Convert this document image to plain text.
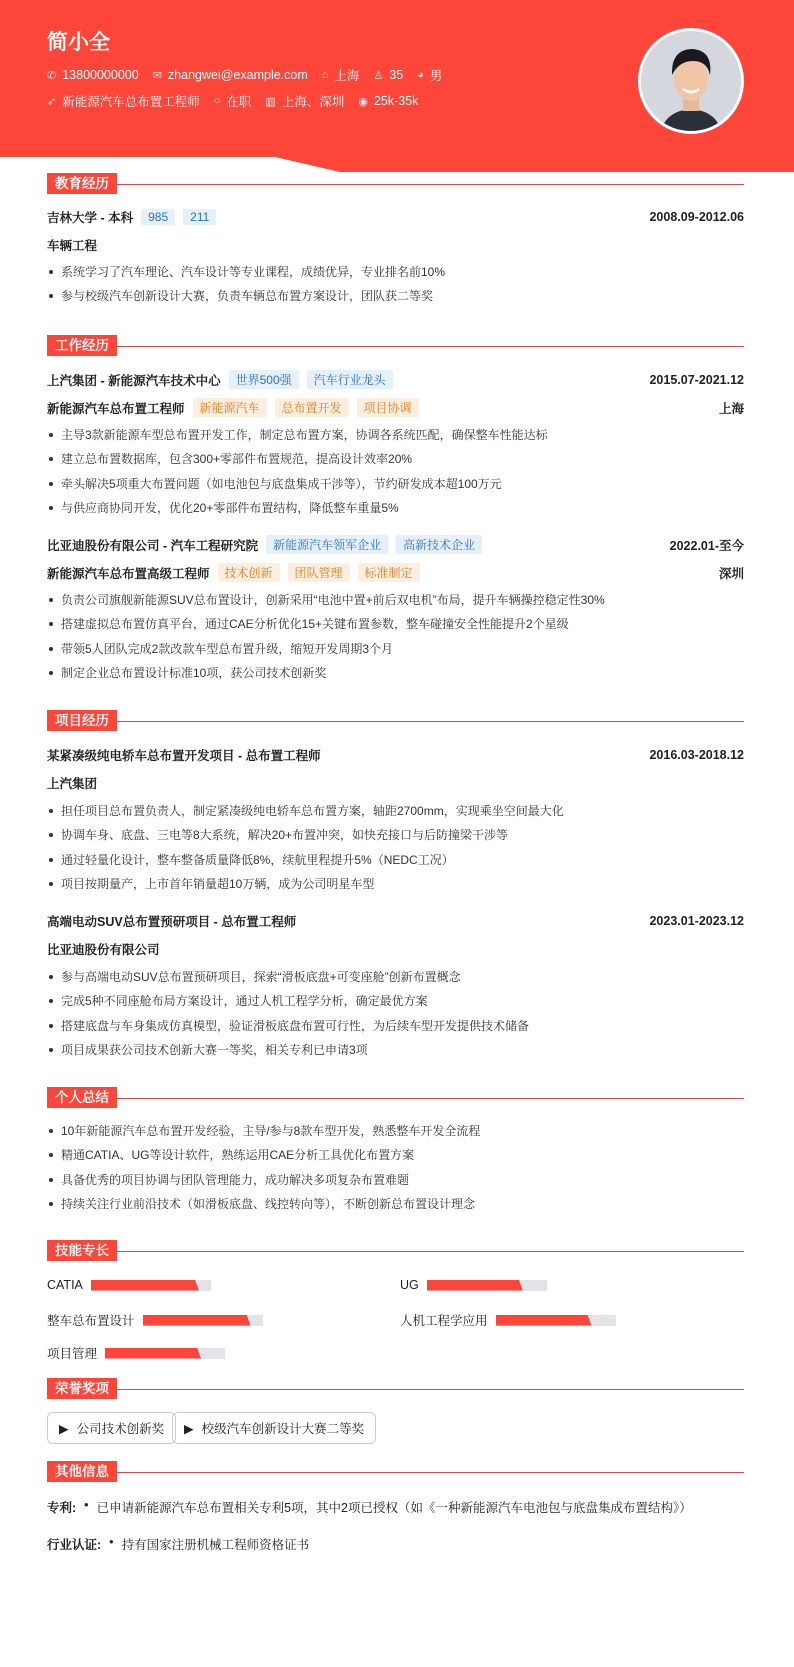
简小全
✆ 13800000000 ✉ zhangwei@example.com ⌂ 上海 ♙ 35 ◕ 男
➶ 新能源汽车总布置工程师 ○ 在职 ▥ 上海、深圳 ◉ 25k-35k
教育经历
吉林大学 - 本科	985	211	2008.09-2012.06
车辆工程
系统学习了汽车理论、汽车设计等专业课程，成绩优异，专业排名前10%
参与校级汽车创新设计大赛，负责车辆总布置方案设计，团队获二等奖
工作经历
上汽集团 - 新能源汽车技术中心	世界500强	汽车行业龙头	2015.07-2021.12
新能源汽车总布置工程师	新能源汽车	总布置开发	项目协调	上海
主导3款新能源车型总布置开发工作，制定总布置方案，协调各系统匹配，确保整车性能达标
建立总布置数据库，包含300+零部件布置规范，提高设计效率20%
牵头解决5项重大布置问题（如电池包与底盘集成干涉等），节约研发成本超100万元
与供应商协同开发，优化20+零部件布置结构，降低整车重量5%
比亚迪股份有限公司 - 汽车工程研究院	新能源汽车领军企业	高新技术企业	2022.01-至今
新能源汽车总布置高级工程师	技术创新	团队管理	标准制定	深圳
负责公司旗舰新能源SUV总布置设计，创新采用“电池中置+前后双电机”布局，提升车辆操控稳定性30%
搭建虚拟总布置仿真平台，通过CAE分析优化15+关键布置参数，整车碰撞安全性能提升2个星级
带领5人团队完成2款改款车型总布置升级，缩短开发周期3个月
制定企业总布置设计标准10项，获公司技术创新奖
项目经历
某紧凑级纯电轿车总布置开发项目 - 总布置工程师	2016.03-2018.12
上汽集团
担任项目总布置负责人，制定紧凑级纯电轿车总布置方案，轴距2700mm，实现乘坐空间最大化
协调车身、底盘、三电等8大系统，解决20+布置冲突，如快充接口与后防撞梁干涉等
通过轻量化设计，整车整备质量降低8%，续航里程提升5%（NEDC工况）
项目按期量产，上市首年销量超10万辆，成为公司明星车型
高端电动SUV总布置预研项目 - 总布置工程师	2023.01-2023.12
比亚迪股份有限公司
参与高端电动SUV总布置预研项目，探索“滑板底盘+可变座舱”创新布置概念
完成5种不同座舱布局方案设计，通过人机工程学分析，确定最优方案
搭建底盘与车身集成仿真模型，验证滑板底盘布置可行性，为后续车型开发提供技术储备
项目成果获公司技术创新大赛一等奖，相关专利已申请3项
个人总结
10年新能源汽车总布置开发经验，主导/参与8款车型开发，熟悉整车开发全流程
精通CATIA、UG等设计软件，熟练运用CAE分析工具优化布置方案
具备优秀的项目协调与团队管理能力，成功解决多项复杂布置难题
持续关注行业前沿技术（如滑板底盘、线控转向等），不断创新总布置设计理念
技能专长
CATIA	UG
整车总布置设计	人机工程学应用
项目管理
荣誉奖项
▶ 公司技术创新奖 ▶ 校级汽车创新设计大赛二等奖
其他信息
专利: • 已申请新能源汽车总布置相关专利5项，其中2项已授权（如《一种新能源汽车电池包与底盘集成布置结构》）
行业认证: • 持有国家注册机械工程师资格证书
